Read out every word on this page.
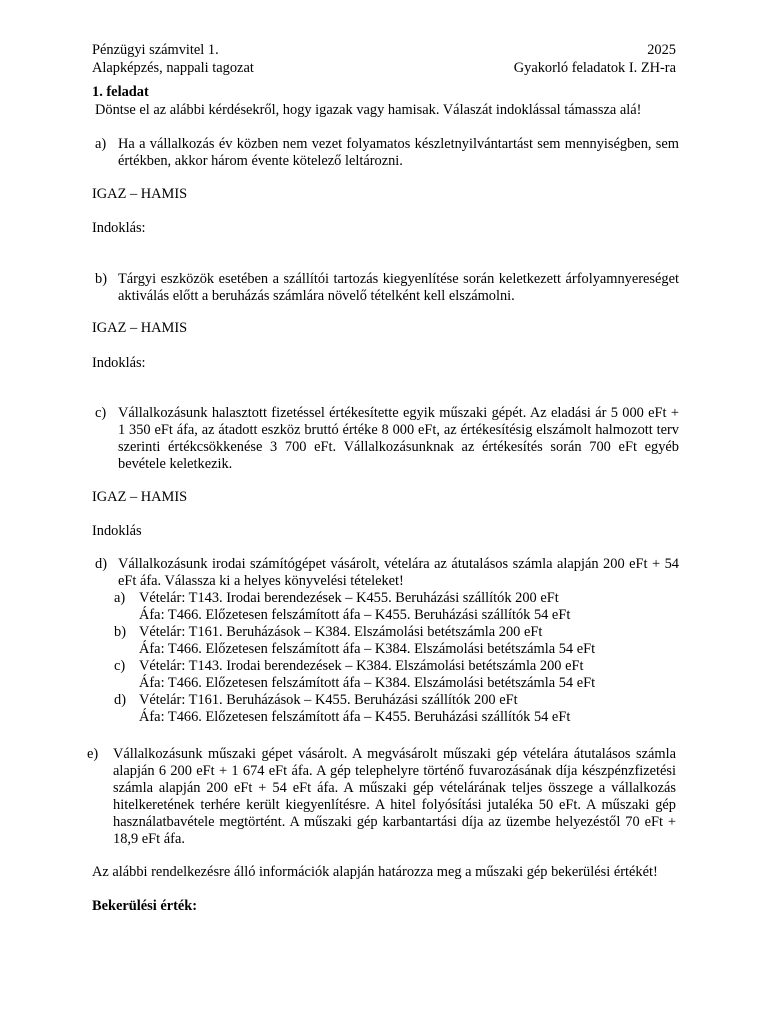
Pénzügyi számvitel 1.	2025
Alapképzés, nappali tagozat	Gyakorló feladatok I. ZH-ra
1. feladat
Döntse el az alábbi kérdésekről, hogy igazak vagy hamisak. Válaszát indoklással támassza alá!
a) Ha a vállalkozás év közben nem vezet folyamatos készletnyilvántartást sem mennyiségben, sem értékben, akkor három évente kötelező leltározni.
IGAZ – HAMIS
Indoklás:
b) Tárgyi eszközök esetében a szállítói tartozás kiegyenlítése során keletkezett árfolyamnyereséget aktiválás előtt a beruházás számlára növelő tételként kell elszámolni.
IGAZ – HAMIS
Indoklás:
c) Vállalkozásunk halasztott fizetéssel értékesítette egyik műszaki gépét. Az eladási ár 5 000 eFt + 1 350 eFt áfa, az átadott eszköz bruttó értéke 8 000 eFt, az értékesítésig elszámolt halmozott terv szerinti értékcsökkenése 3 700 eFt. Vállalkozásunknak az értékesítés során 700 eFt egyéb bevétele keletkezik.
IGAZ – HAMIS
Indoklás
d) Vállalkozásunk irodai számítógépet vásárolt, vételára az átutalásos számla alapján 200 eFt + 54 eFt áfa. Válassza ki a helyes könyvelési tételeket!
a) Vételár: T143. Irodai berendezések – K455. Beruházási szállítók 200 eFt
Áfa: T466. Előzetesen felszámított áfa – K455. Beruházási szállítók 54 eFt
b) Vételár: T161. Beruházások – K384. Elszámolási betétszámla 200 eFt
Áfa: T466. Előzetesen felszámított áfa – K384. Elszámolási betétszámla 54 eFt
c) Vételár: T143. Irodai berendezések – K384. Elszámolási betétszámla 200 eFt
Áfa: T466. Előzetesen felszámított áfa – K384. Elszámolási betétszámla 54 eFt
d) Vételár: T161. Beruházások – K455. Beruházási szállítók 200 eFt
Áfa: T466. Előzetesen felszámított áfa – K455. Beruházási szállítók 54 eFt
e) Vállalkozásunk műszaki gépet vásárolt. A megvásárolt műszaki gép vételára átutalásos számla alapján 6 200 eFt + 1 674 eFt áfa. A gép telephelyre történő fuvarozásának díja készpénzfizetési számla alapján 200 eFt + 54 eFt áfa. A műszaki gép vételárának teljes összege a vállalkozás hitelkeretének terhére került kiegyenlítésre. A hitel folyósítási jutaléka 50 eFt. A műszaki gép használatbavétele megtörtént. A műszaki gép karbantartási díja az üzembe helyezéstől 70 eFt + 18,9 eFt áfa.
Az alábbi rendelkezésre álló információk alapján határozza meg a műszaki gép bekerülési értékét!
Bekerülési érték:
